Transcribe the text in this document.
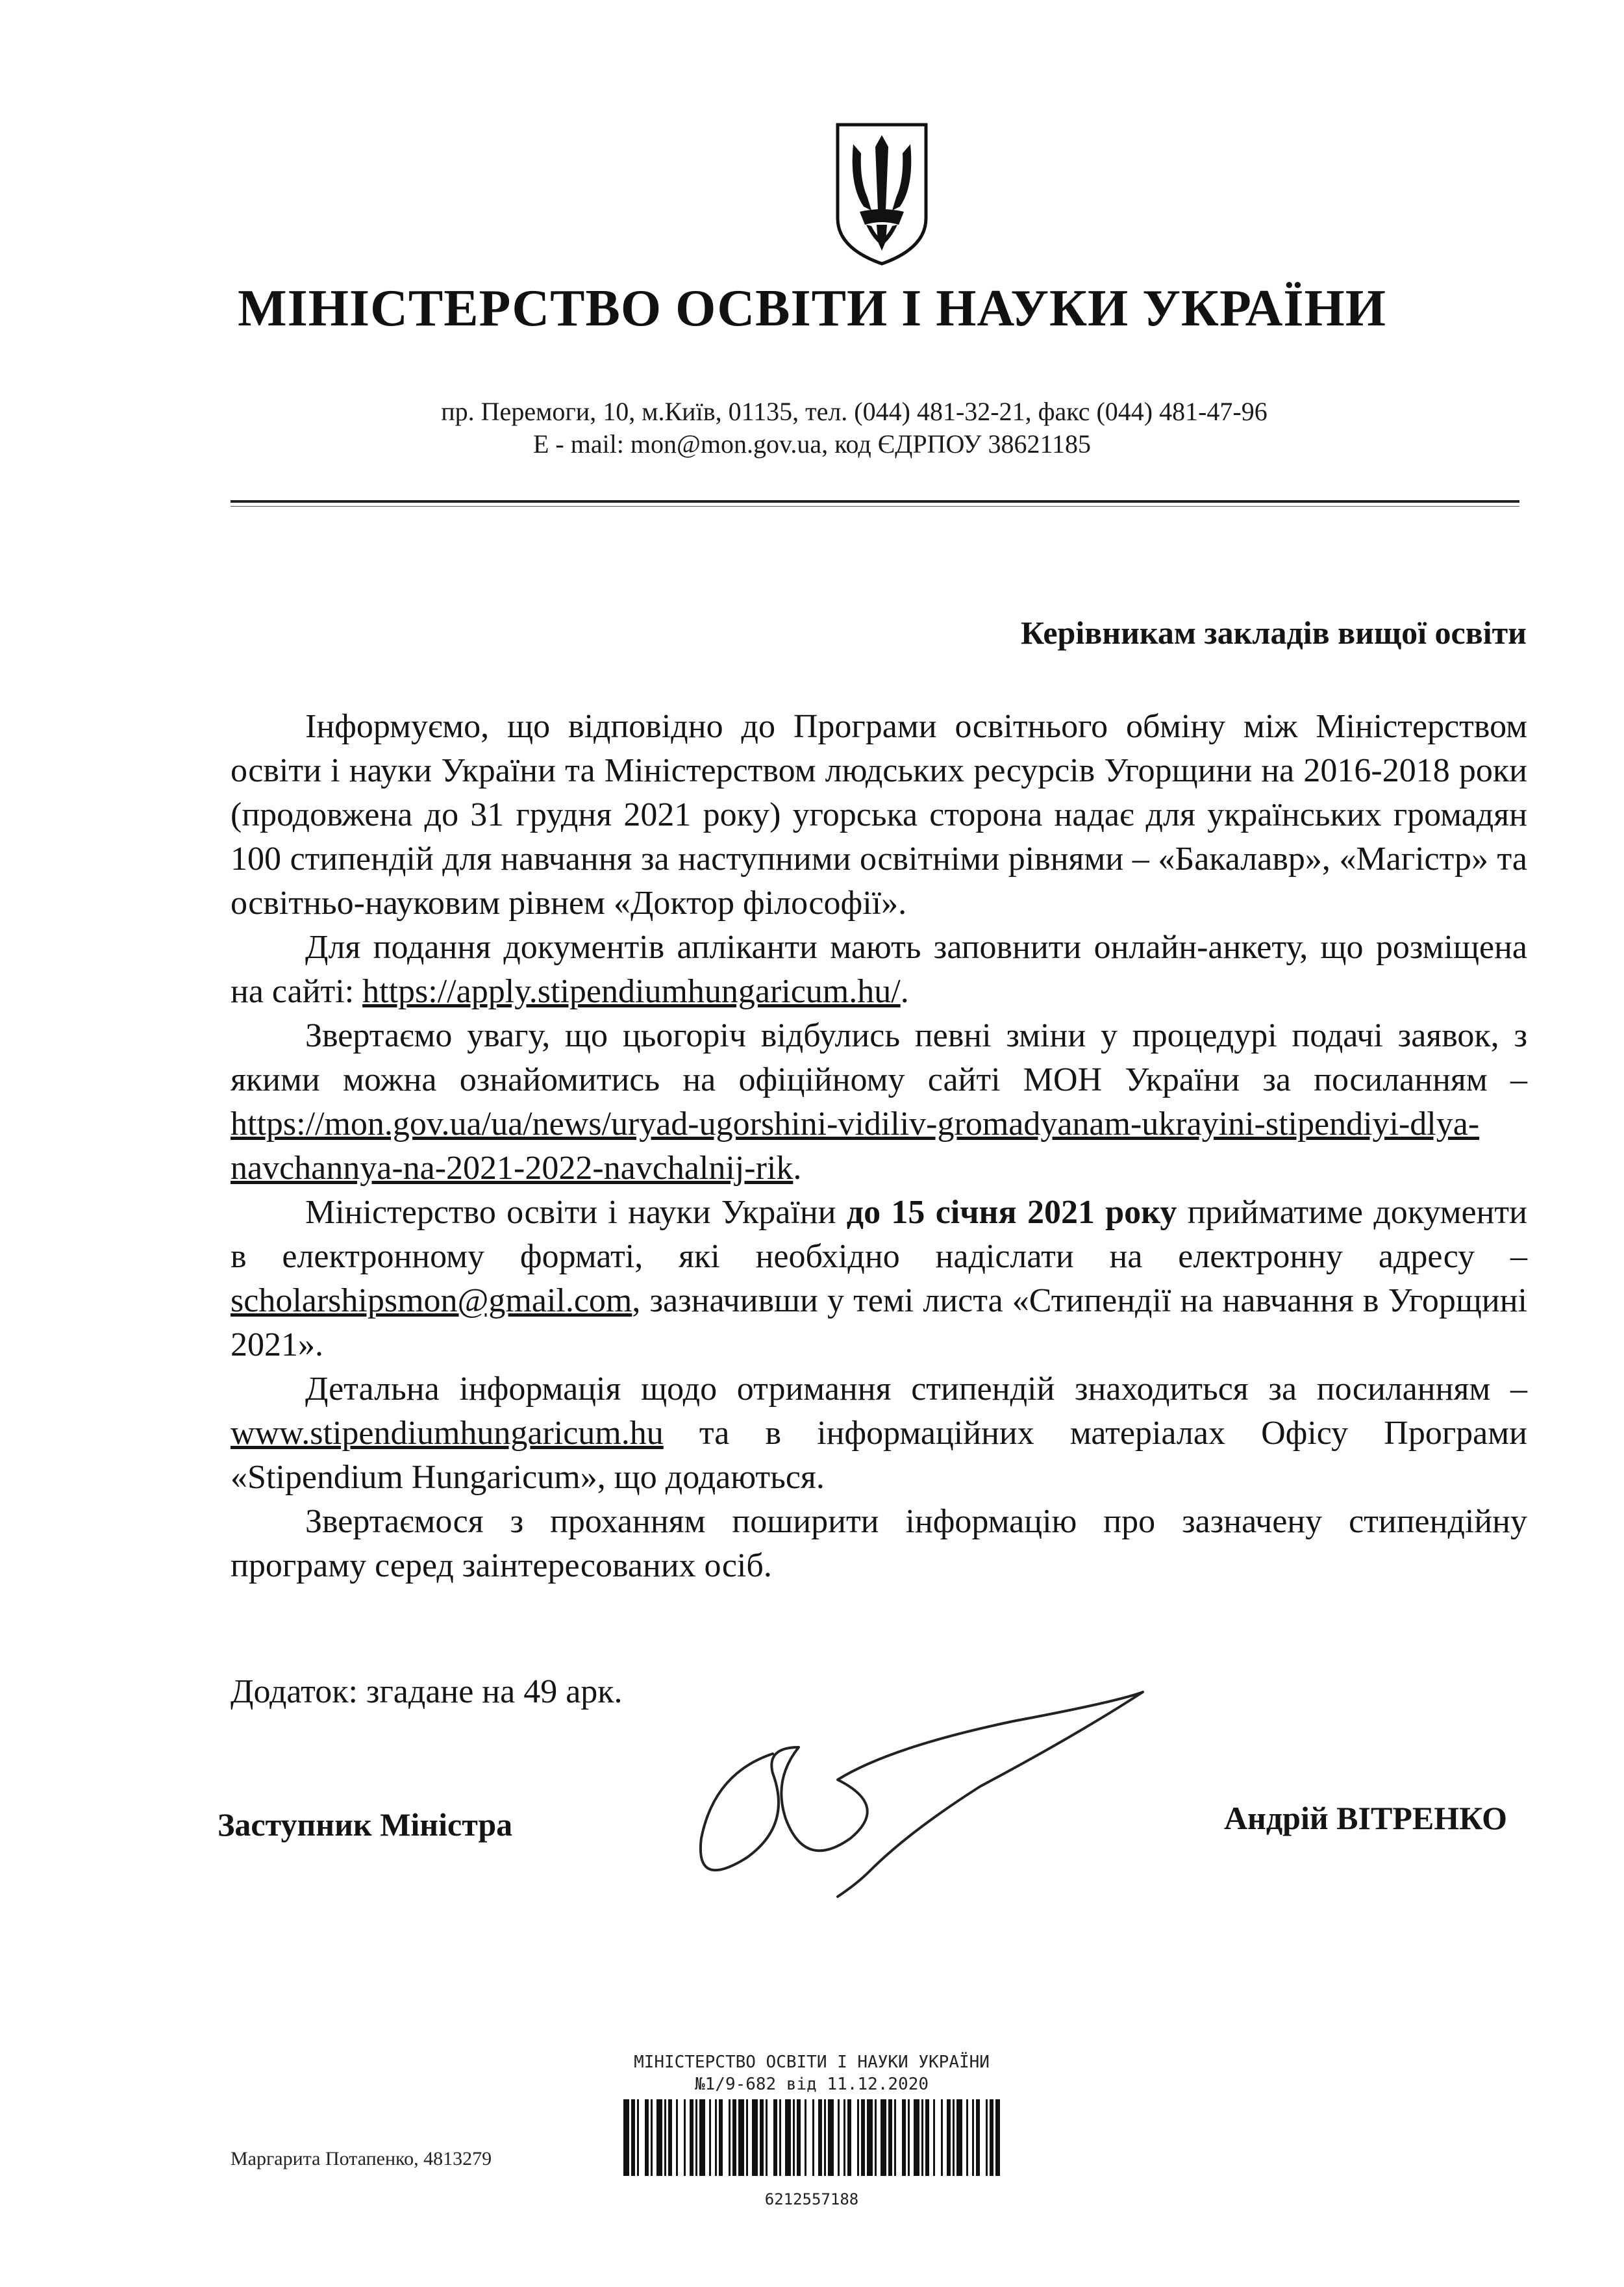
МІНІСТЕРСТВО ОСВІТИ І НАУКИ УКРАЇНИ
пр. Перемоги, 10, м.Київ, 01135, тел. (044) 481-32-21, факс (044) 481-47-96
E - mail: mon@mon.gov.ua, код ЄДРПОУ 38621185
Керівникам закладів вищої освіти

Інформуємо, що відповідно до Програми освітнього обміну між Міністерством освіти і науки України та Міністерством людських ресурсів Угорщини на 2016-2018 роки (продовжена до 31 грудня 2021 року) угорська сторона надає для українських громадян 100 стипендій для навчання за наступними освітніми рівнями – «Бакалавр», «Магістр» та освітньо-науковим рівнем «Доктор філософії».

Для подання документів апліканти мають заповнити онлайн-анкету, що розміщена на сайті: https://apply.stipendiumhungaricum.hu/.

Звертаємо увагу, що цьогоріч відбулись певні зміни у процедурі подачі заявок, з якими можна ознайомитись на офіційному сайті МОН України за посиланням – https://mon.gov.ua/ua/news/uryad-ugorshini-vidiliv-gromadyanam-ukrayini-stipendiyi-dlya-navchannya-na-2021-2022-navchalnij-rik.

Міністерство освіти і науки України до 15 січня 2021 року прийматиме документи в електронному форматі, які необхідно надіслати на електронну адресу – scholarshipsmon@gmail.com, зазначивши у темі листа «Стипендії на навчання в Угорщині 2021».

Детальна інформація щодо отримання стипендій знаходиться за посиланням – www.stipendiumhungaricum.hu та в інформаційних матеріалах Офісу Програми «Stipendium Hungaricum», що додаються.

Звертаємося з проханням поширити інформацію про зазначену стипендійну програму серед заінтересованих осіб.

Додаток: згадане на 49 арк.
Заступник Міністра	Андрій ВІТРЕНКО
МІНІСТЕРСТВО ОСВІТИ І НАУКИ УКРАЇНИ
№1/9-682 від 11.12.2020
6212557188
Маргарита Потапенко, 4813279
